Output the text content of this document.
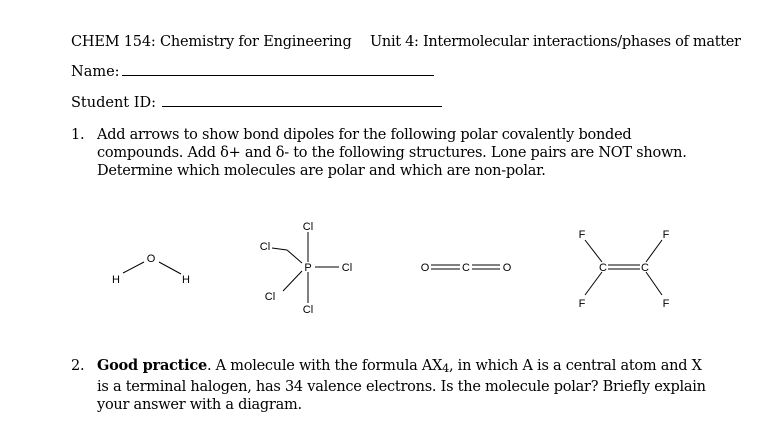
CHEM 154: Chemistry for Engineering Unit 4: Intermolecular interactions/phases of matter
Name:
Student ID:
1. Add arrows to show bond dipoles for the following polar covalently bonded compounds. Add δ+ and δ- to the following structures. Lone pairs are NOT shown. Determine which molecules are polar and which are non-polar.
O
H	H
Cl
Cl
P	Cl
Cl
Cl
O	C	O
F	F
C	C
F	F
2. Good practice. A molecule with the formula AX4, in which A is a central atom and X is a terminal halogen, has 34 valence electrons. Is the molecule polar? Briefly explain your answer with a diagram.
